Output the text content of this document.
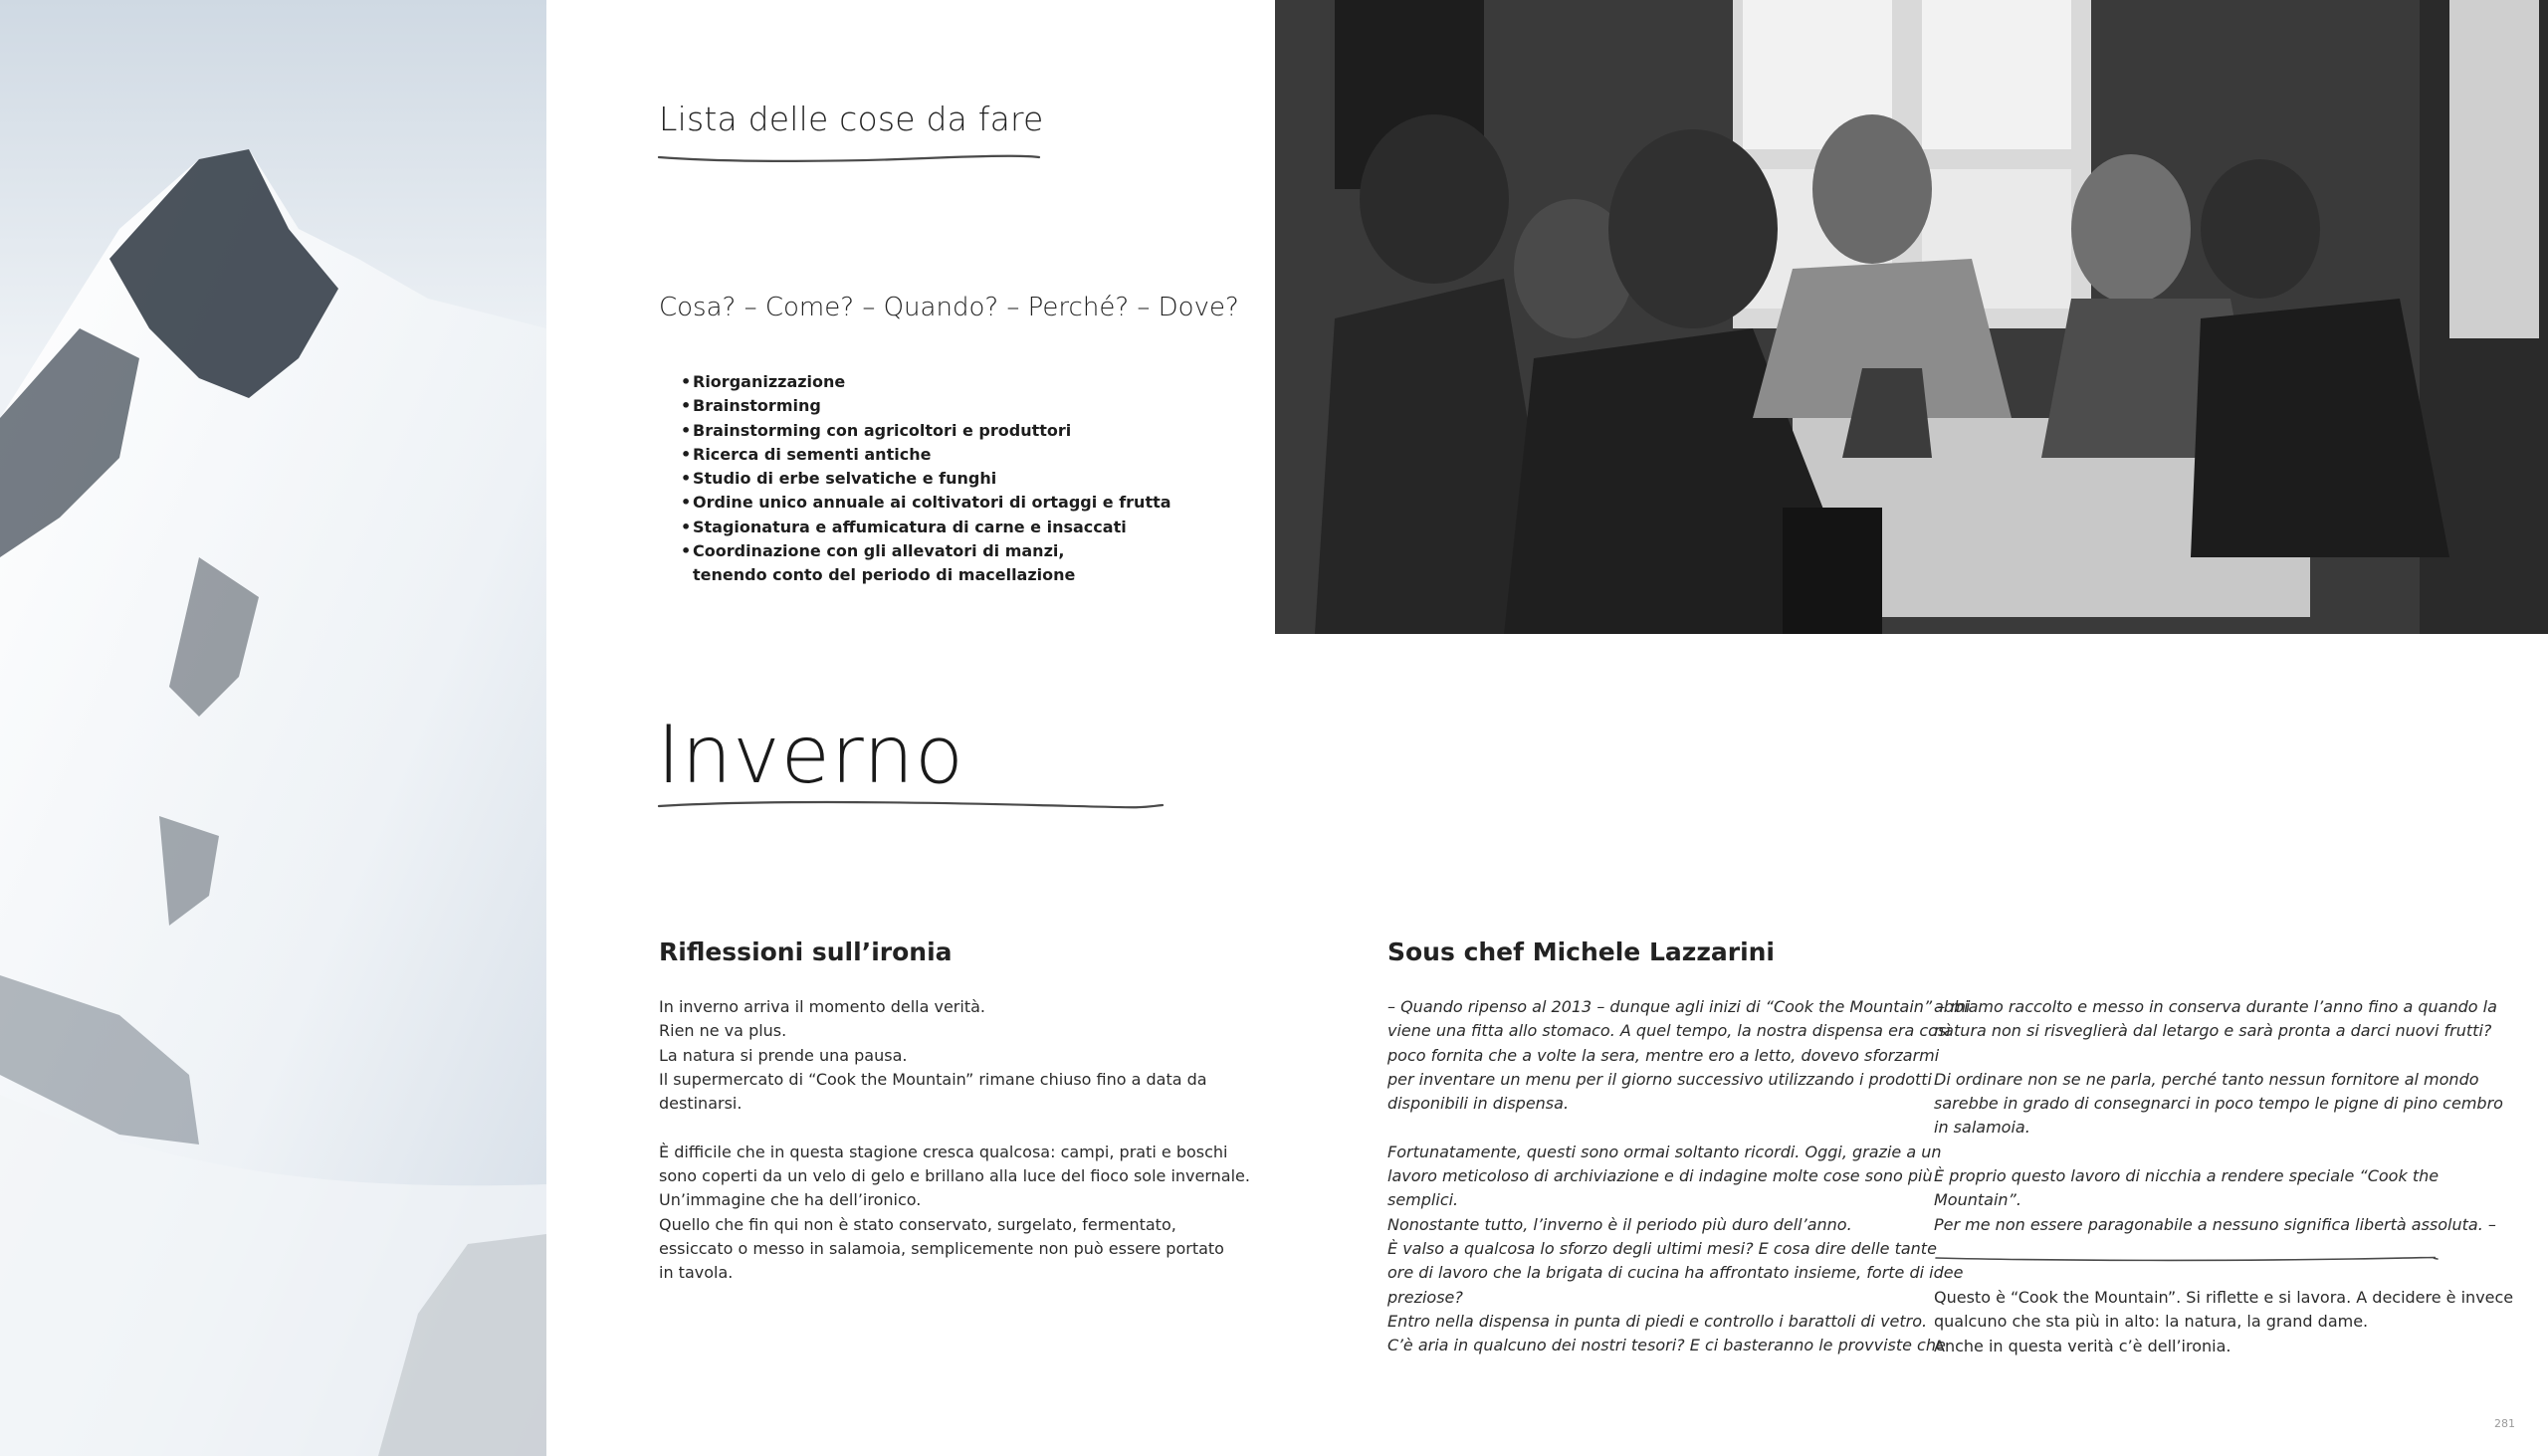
Lista delle cose da fare
Cosa? – Come? – Quando? – Perché? – Dove?
• Riorganizzazione
• Brainstorming
• Brainstorming con agricoltori e produttori
• Ricerca di sementi antiche
• Studio di erbe selvatiche e funghi
• Ordine unico annuale ai coltivatori di ortaggi e frutta
• Stagionatura e affumicatura di carne e insaccati
• Coordinazione con gli allevatori di manzi,
tenendo conto del periodo di macellazione
Inverno
Riflessioni sull’ironia
In inverno arriva il momento della verità.
Rien ne va plus.
La natura si prende una pausa.
Il supermercato di “Cook the Mountain” rimane chiuso fino a data da
destinarsi.
È difficile che in questa stagione cresca qualcosa: campi, prati e boschi
sono coperti da un velo di gelo e brillano alla luce del fioco sole invernale.
Un’immagine che ha dell’ironico.
Quello che fin qui non è stato conservato, surgelato, fermentato,
essiccato o messo in salamoia, semplicemente non può essere portato
in tavola.
Sous chef Michele Lazzarini
– Quando ripenso al 2013 – dunque agli inizi di “Cook the Mountain” – mi
viene una fitta allo stomaco. A quel tempo, la nostra dispensa era così
poco fornita che a volte la sera, mentre ero a letto, dovevo sforzarmi
per inventare un menu per il giorno successivo utilizzando i prodotti
disponibili in dispensa.
Fortunatamente, questi sono ormai soltanto ricordi. Oggi, grazie a un
lavoro meticoloso di archiviazione e di indagine molte cose sono più
semplici.
Nonostante tutto, l’inverno è il periodo più duro dell’anno.
È valso a qualcosa lo sforzo degli ultimi mesi? E cosa dire delle tante
ore di lavoro che la brigata di cucina ha affrontato insieme, forte di idee
preziose?
Entro nella dispensa in punta di piedi e controllo i barattoli di vetro.
C’è aria in qualcuno dei nostri tesori? E ci basteranno le provviste che
abbiamo raccolto e messo in conserva durante l’anno fino a quando la
natura non si risveglierà dal letargo e sarà pronta a darci nuovi frutti?
Di ordinare non se ne parla, perché tanto nessun fornitore al mondo
sarebbe in grado di consegnarci in poco tempo le pigne di pino cembro
in salamoia.
È proprio questo lavoro di nicchia a rendere speciale “Cook the
Mountain”.
Per me non essere paragonabile a nessuno significa libertà assoluta. –
Questo è “Cook the Mountain”. Si riflette e si lavora. A decidere è invece
qualcuno che sta più in alto: la natura, la grand dame.
Anche in questa verità c’è dell’ironia.
281
